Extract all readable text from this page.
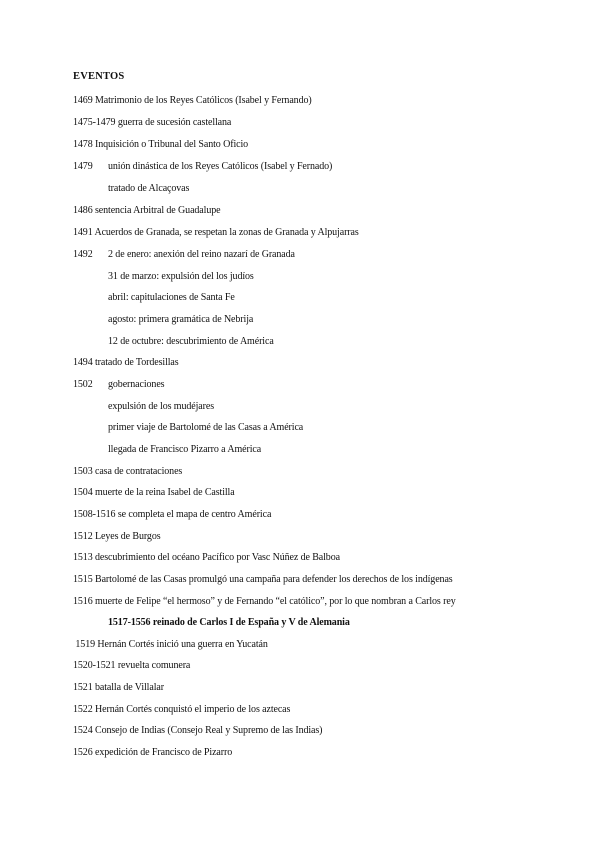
EVENTOS
1469 Matrimonio de los Reyes Católicos (Isabel y Fernando)
1475-1479 guerra de sucesión castellana
1478 Inquisición o Tribunal del Santo Oficio
1479 unión dinástica de los Reyes Católicos (Isabel y Fernado)
tratado de Alcaçovas
1486 sentencia Arbitral de Guadalupe
1491 Acuerdos de Granada, se respetan la zonas de Granada y Alpujarras
1492 2 de enero: anexión del reino nazarí de Granada
31 de marzo: expulsión del los judíos
abril: capitulaciones de Santa Fe
agosto: primera gramática de Nebrija
12 de octubre: descubrimiento de América
1494 tratado de Tordesillas
1502 gobernaciones
expulsión de los mudéjares
primer viaje de Bartolomé de las Casas a América
llegada de Francisco Pizarro a América
1503 casa de contrataciones
1504 muerte de la reina Isabel de Castilla
1508-1516 se completa el mapa de centro América
1512 Leyes de Burgos
1513 descubrimiento del océano Pacífico por Vasc Núñez de Balboa
1515 Bartolomé de las Casas promulgó una campaña para defender los derechos de los indígenas
1516 muerte de Felipe “el hermoso” y de Fernando “el católico”, por lo que nombran a Carlos rey
1517-1556 reinado de Carlos I de España y V de Alemania
1519 Hernán Cortés inició una guerra en Yucatán
1520-1521 revuelta comunera
1521 batalla de Villalar
1522 Hernán Cortés conquistó el imperio de los aztecas
1524 Consejo de Indias (Consejo Real y Supremo de las Indias)
1526 expedición de Francisco de Pizarro
